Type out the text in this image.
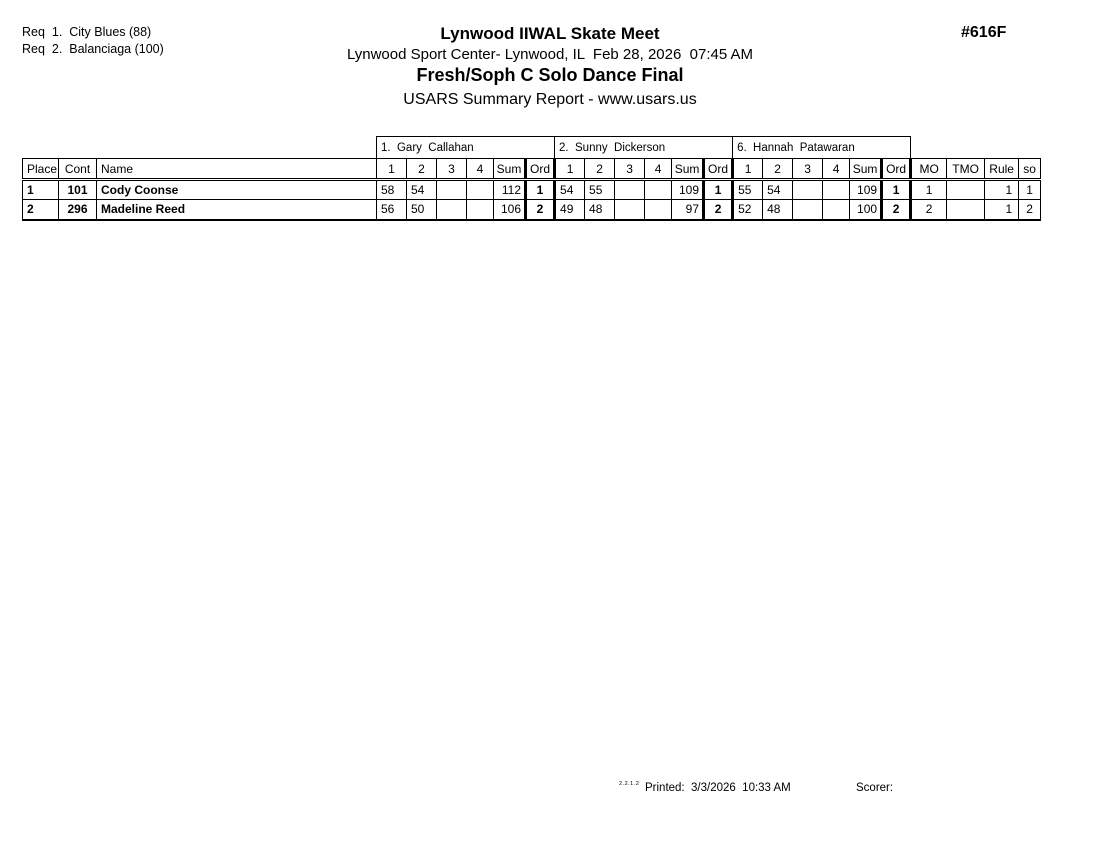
Req  1.  City Blues (88)
Req  2.  Balanciaga (100)
Lynwood IIWAL Skate Meet
Lynwood Sport Center- Lynwood, IL  Feb 28, 2026  07:45 AM
Fresh/Soph C Solo Dance Final
USARS Summary Report - www.usars.us
#616F
			1.  Gary  Callahan						2.  Sunny  Dickerson						6.  Hannah  Patawaran									
Place	Cont	Name	1	2	3	4	Sum	Ord	1	2	3	4	Sum	Ord	1	2	3	4	Sum	Ord	MO	TMO	Rule	so
1	101	Cody Coonse	58	54			112	1	54	55			109	1	55	54			109	1	1		1	1
2	296	Madeline Reed	56	50			106	2	49	48			97	2	52	48			100	2	2		1	2
2.2.1.2 Printed:  3/3/2026  10:33 AM	Scorer:
